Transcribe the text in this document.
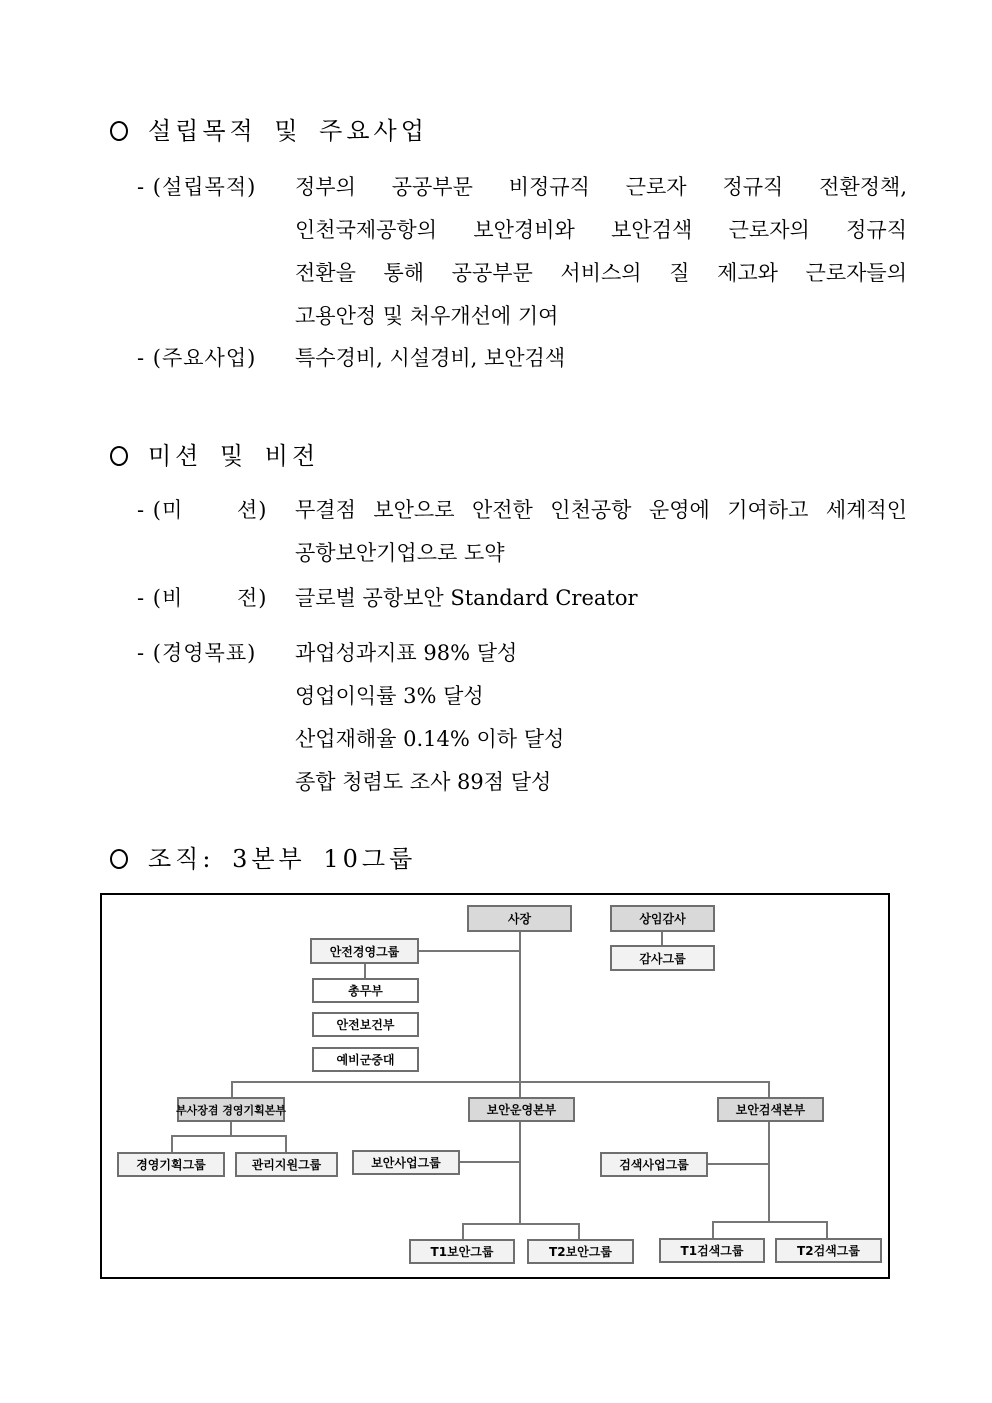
설립목적 및 주요사업
- (설립목적)	정부의 공공부문 비정규직 근로자 정규직 전환정책,
인천국제공항의 보안경비와 보안검색 근로자의 정규직
전환을 통해 공공부문 서비스의 질 제고와 근로자들의
고용안정 및 처우개선에 기여
- (주요사업)	특수경비, 시설경비, 보안검색
미션 및 비전
- (미       션)	무결점 보안으로 안전한 인천공항 운영에 기여하고 세계적인
공항보안기업으로 도약
- (비       전)	글로벌 공항보안 Standard Creator
- (경영목표)	과업성과지표 98% 달성
영업이익률 3% 달성
산업재해율 0.14% 이하 달성
종합 청렴도 조사 89점 달성
조직: 3본부 10그룹
사장	상임감사
감사그룹
안전경영그룹
총무부
안전보건부
예비군중대
부사장겸 경영기획본부	보안운영본부	보안검색본부
경영기획그룹	관리지원그룹	보안사업그룹	검색사업그룹
T1보안그룹	T2보안그룹	T1검색그룹	T2검색그룹
